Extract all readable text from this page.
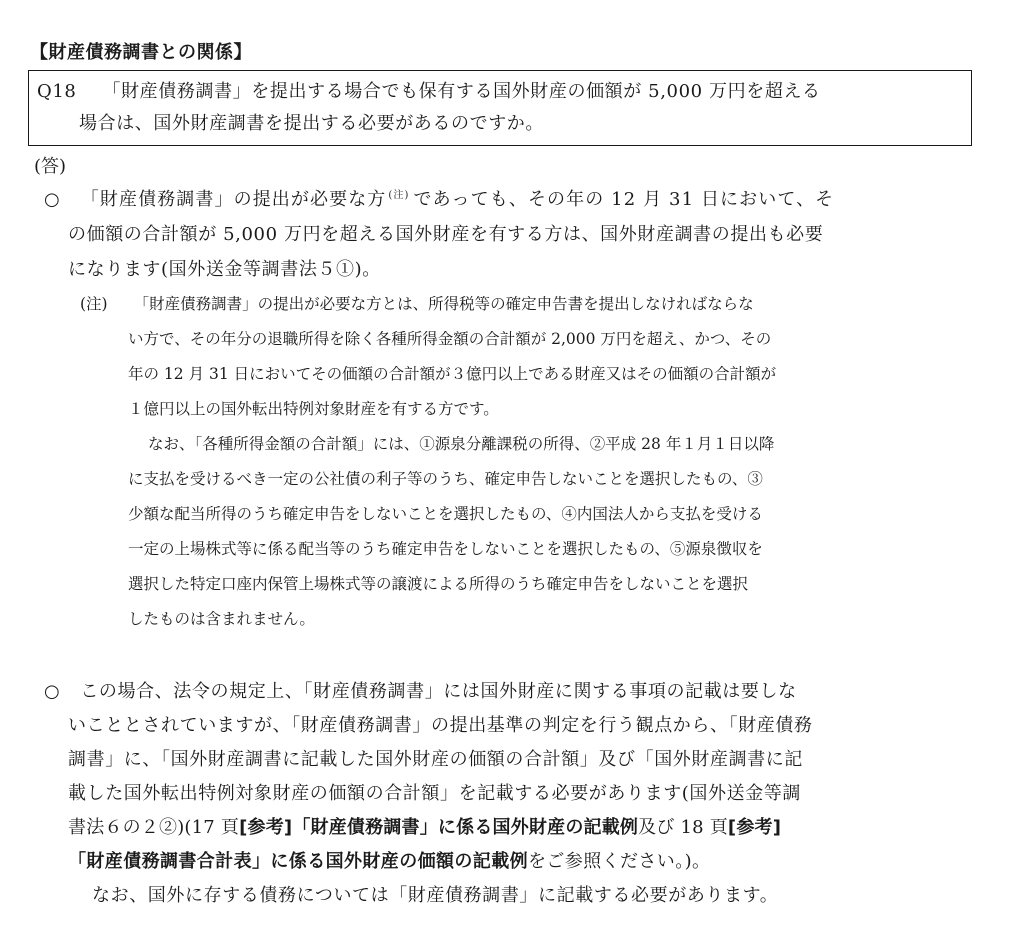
【財産債務調書との関係】
Q18 「財産債務調書」を提出する場合でも保有する国外財産の価額が 5,000 万円を超える
場合は、国外財産調書を提出する必要があるのですか。
(答)
○ 「財産債務調書」の提出が必要な方 $^{(注)}$ であっても、その年の 12 月 31 日において、そ
の価額の合計額が 5,000 万円を超える国外財産を有する方は、国外財産調書の提出も必要
になります(国外送金等調書法５①)。
(注) 「財産債務調書」の提出が必要な方とは、所得税等の確定申告書を提出しなければならな
い方で、その年分の退職所得を除く各種所得金額の合計額が 2,000 万円を超え、かつ、その
年の 12 月 31 日においてその価額の合計額が３億円以上である財産又はその価額の合計額が
１億円以上の国外転出特例対象財産を有する方です。
なお、「各種所得金額の合計額」には、①源泉分離課税の所得、②平成 28 年１月１日以降
に支払を受けるべき一定の公社債の利子等のうち、確定申告しないことを選択したもの、③
少額な配当所得のうち確定申告をしないことを選択したもの、④内国法人から支払を受ける
一定の上場株式等に係る配当等のうち確定申告をしないことを選択したもの、⑤源泉徴収を
選択した特定口座内保管上場株式等の譲渡による所得のうち確定申告をしないことを選択
したものは含まれません。
○ この場合、法令の規定上、「財産債務調書」には国外財産に関する事項の記載は要しな
いこととされていますが、「財産債務調書」の提出基準の判定を行う観点から、「財産債務
調書」に、「国外財産調書に記載した国外財産の価額の合計額」及び「国外財産調書に記
載した国外転出特例対象財産の価額の合計額」を記載する必要があります(国外送金等調
書法６の２②)(17 頁[参考]「財産債務調書」に係る国外財産の記載例及び 18 頁[参考]
「財産債務調書合計表」に係る国外財産の価額の記載例をご参照ください。)。
なお、国外に存する債務については「財産債務調書」に記載する必要があります。
